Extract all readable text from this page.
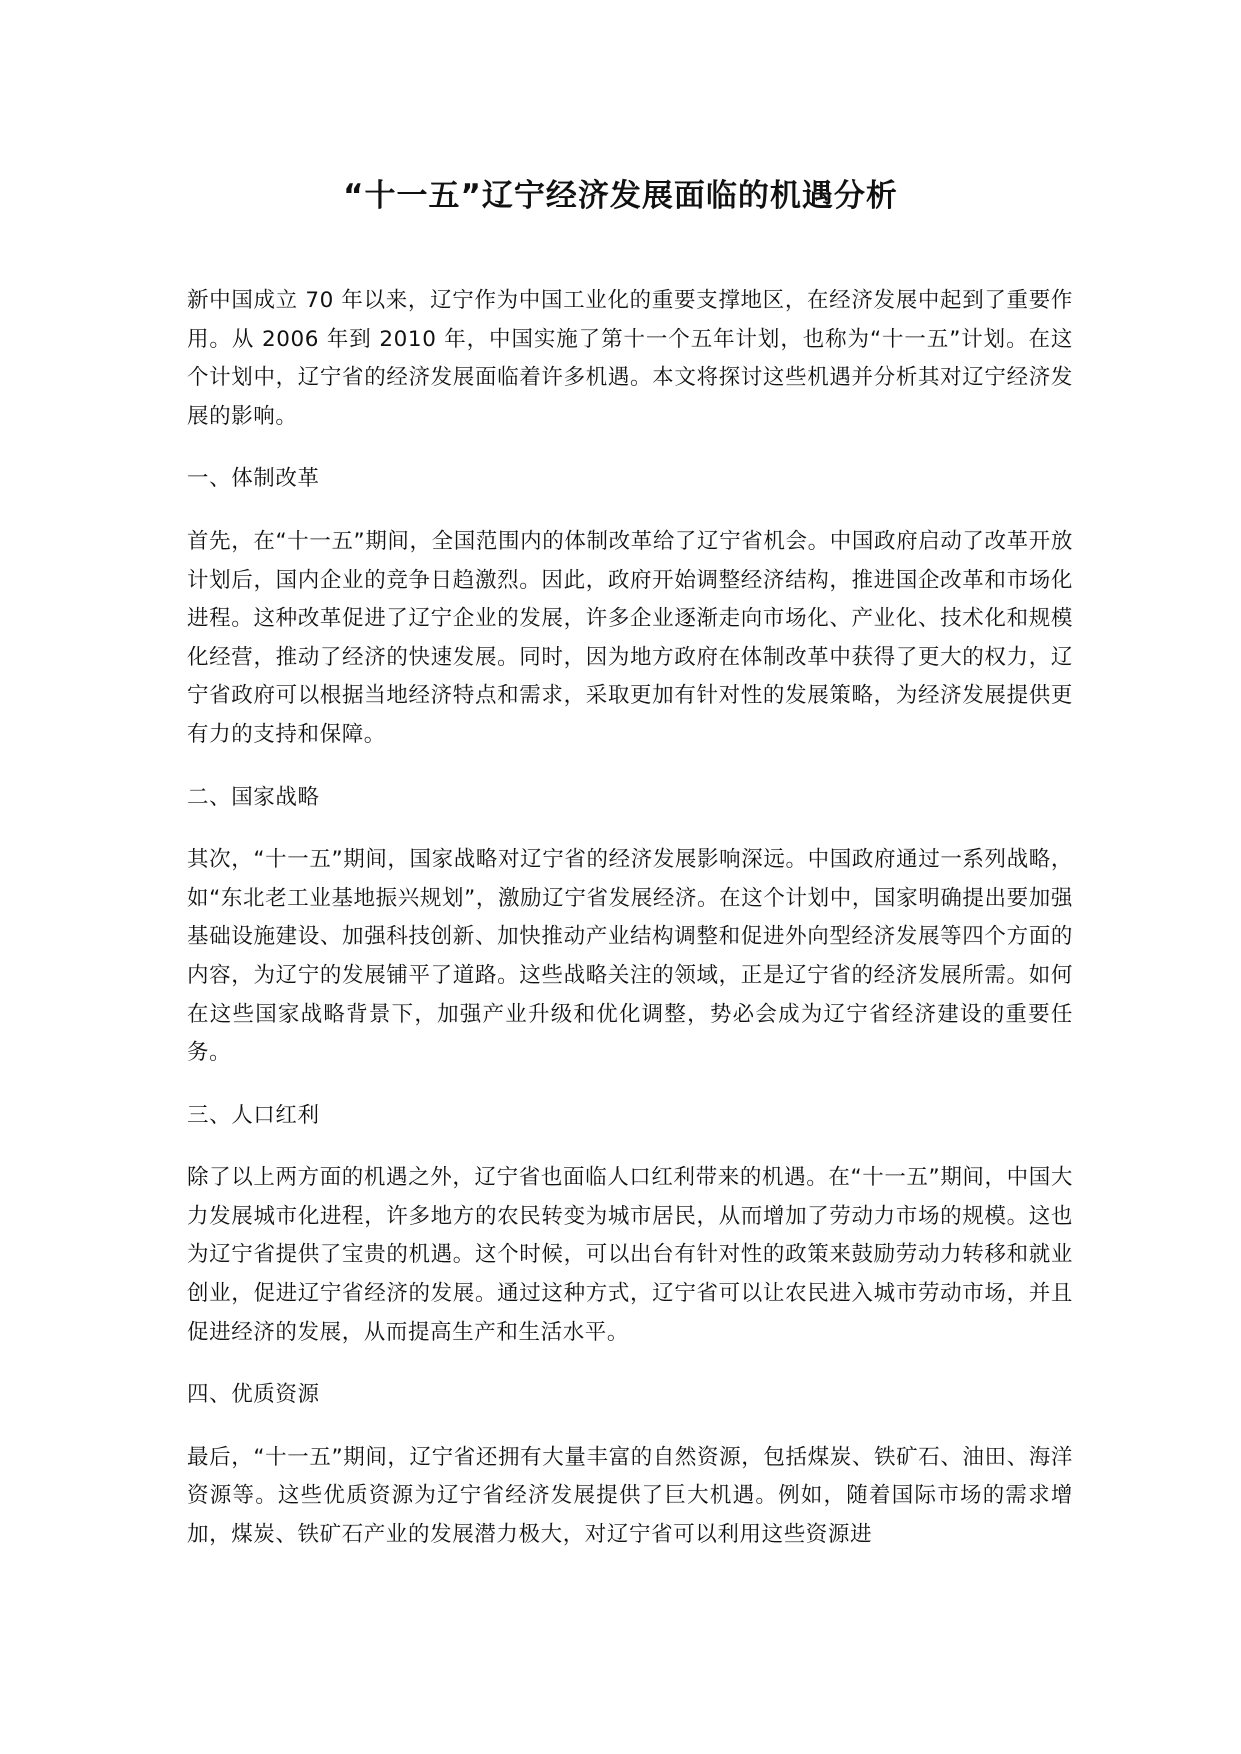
“十一五”辽宁经济发展面临的机遇分析

新中国成立 70 年以来，辽宁作为中国工业化的重要支撑地区，在经济发展中起到了重要作用。从 2006 年到 2010 年，中国实施了第十一个五年计划，也称为“十一五”计划。在这个计划中，辽宁省的经济发展面临着许多机遇。本文将探讨这些机遇并分析其对辽宁经济发展的影响。

一、体制改革

首先，在“十一五”期间，全国范围内的体制改革给了辽宁省机会。中国政府启动了改革开放计划后，国内企业的竞争日趋激烈。因此，政府开始调整经济结构，推进国企改革和市场化进程。这种改革促进了辽宁企业的发展，许多企业逐渐走向市场化、产业化、技术化和规模化经营，推动了经济的快速发展。同时，因为地方政府在体制改革中获得了更大的权力，辽宁省政府可以根据当地经济特点和需求，采取更加有针对性的发展策略，为经济发展提供更有力的支持和保障。

二、国家战略

其次，“十一五”期间，国家战略对辽宁省的经济发展影响深远。中国政府通过一系列战略，如“东北老工业基地振兴规划”，激励辽宁省发展经济。在这个计划中，国家明确提出要加强基础设施建设、加强科技创新、加快推动产业结构调整和促进外向型经济发展等四个方面的内容，为辽宁的发展铺平了道路。这些战略关注的领域，正是辽宁省的经济发展所需。如何在这些国家战略背景下，加强产业升级和优化调整，势必会成为辽宁省经济建设的重要任务。

三、人口红利

除了以上两方面的机遇之外，辽宁省也面临人口红利带来的机遇。在“十一五”期间，中国大力发展城市化进程，许多地方的农民转变为城市居民，从而增加了劳动力市场的规模。这也为辽宁省提供了宝贵的机遇。这个时候，可以出台有针对性的政策来鼓励劳动力转移和就业创业，促进辽宁省经济的发展。通过这种方式，辽宁省可以让农民进入城市劳动市场，并且促进经济的发展，从而提高生产和生活水平。

四、优质资源

最后，“十一五”期间，辽宁省还拥有大量丰富的自然资源，包括煤炭、铁矿石、油田、海洋资源等。这些优质资源为辽宁省经济发展提供了巨大机遇。例如，随着国际市场的需求增加，煤炭、铁矿石产业的发展潜力极大，对辽宁省可以利用这些资源进
